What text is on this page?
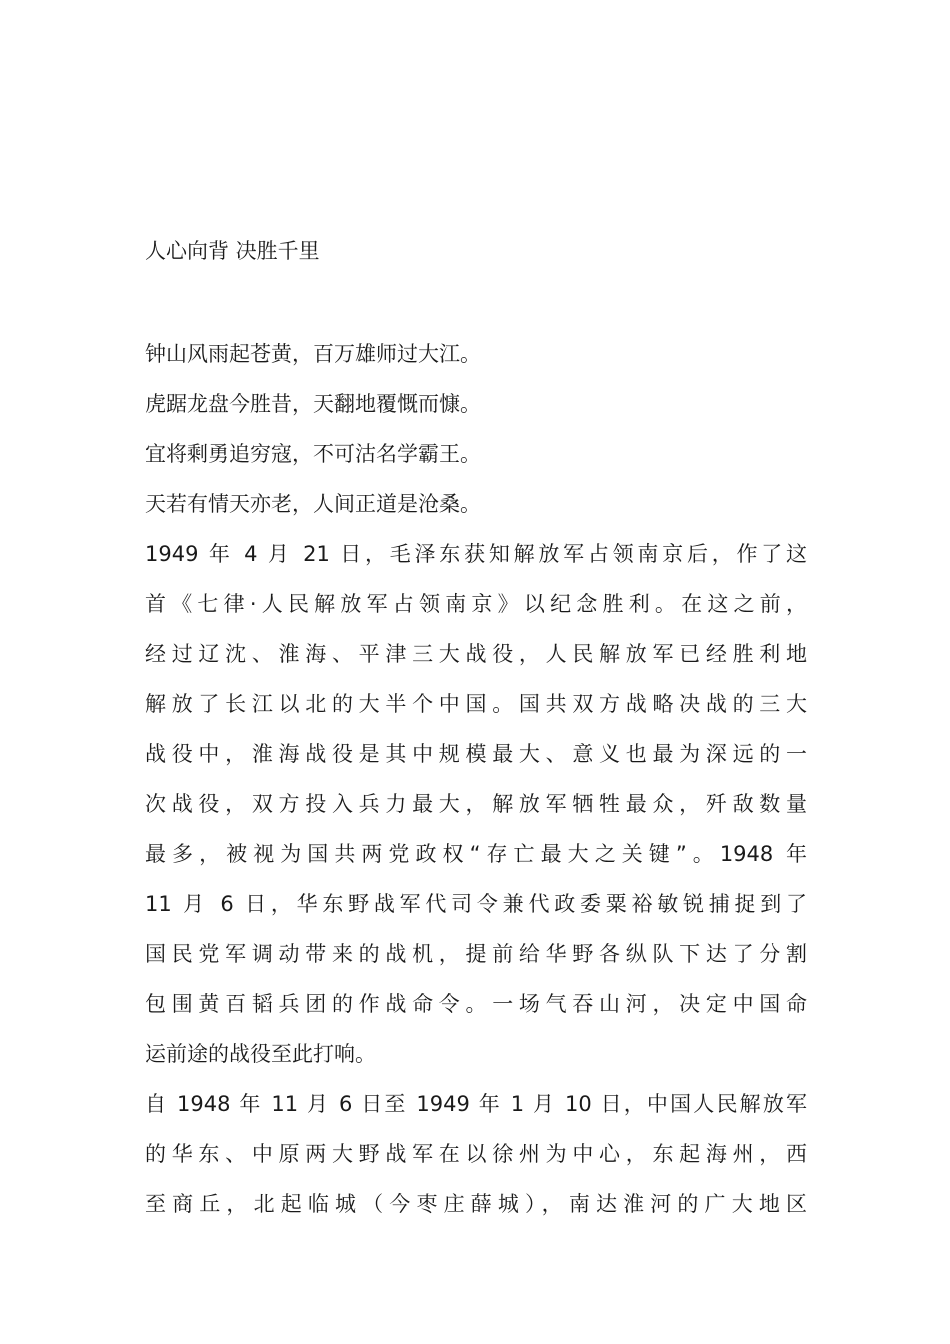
人心向背 决胜千里

钟山风雨起苍黄，百万雄师过大江。

虎踞龙盘今胜昔，天翻地覆慨而慷。

宜将剩勇追穷寇，不可沽名学霸王。

天若有情天亦老，人间正道是沧桑。

1949 年 4 月 21 日，毛泽东获知解放军占领南京后，作了这
首《七律·人民解放军占领南京》以纪念胜利。在这之前，
经过辽沈、淮海、平津三大战役，人民解放军已经胜利地
解放了长江以北的大半个中国。国共双方战略决战的三大
战役中，淮海战役是其中规模最大、意义也最为深远的一
次战役，双方投入兵力最大，解放军牺牲最众，歼敌数量
最多，被视为国共两党政权“存亡最大之关键”。1948 年
11 月 6 日，华东野战军代司令兼代政委粟裕敏锐捕捉到了
国民党军调动带来的战机，提前给华野各纵队下达了分割
包围黄百韬兵团的作战命令。一场气吞山河，决定中国命
运前途的战役至此打响。
自 1948 年 11 月 6 日至 1949 年 1 月 10 日，中国人民解放军
的华东、中原两大野战军在以徐州为中心，东起海州，西
至商丘，北起临城（今枣庄薛城），南达淮河的广大地区
